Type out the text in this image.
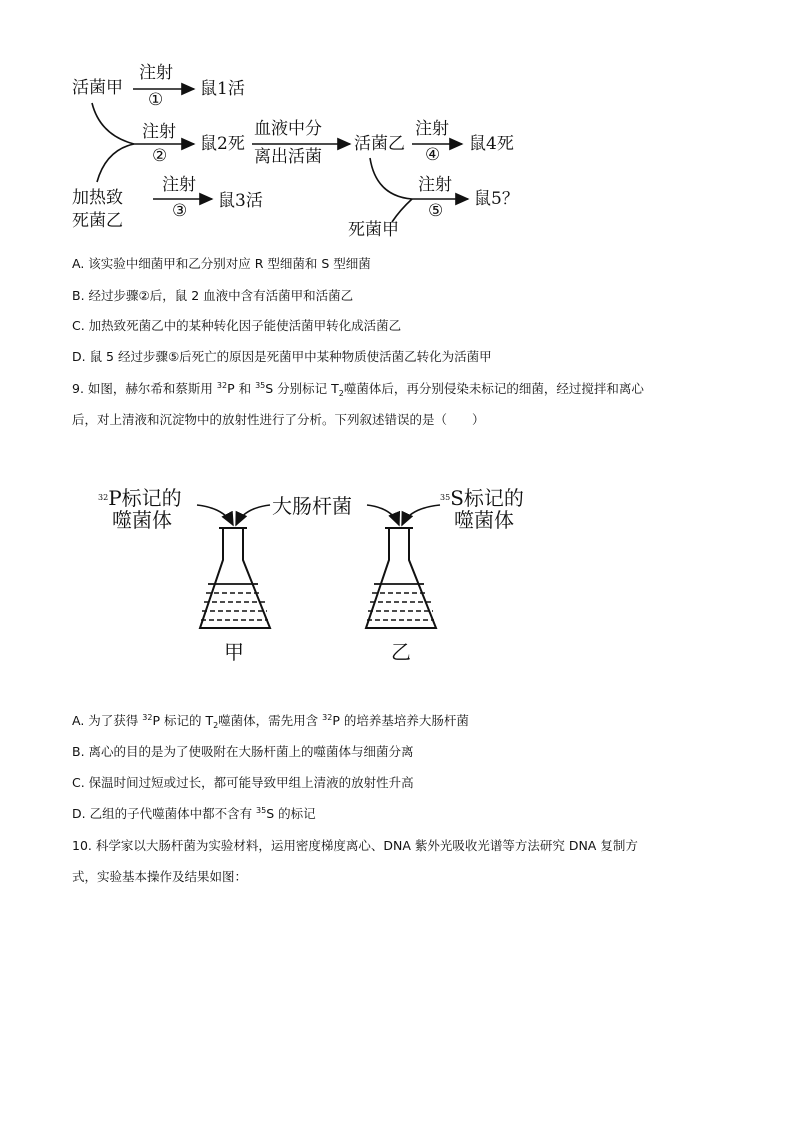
活菌甲
注射
①
鼠1活
注射
②
鼠2死
血液中分
离出活菌
活菌乙
注射
④
鼠4死
加热致
死菌乙
注射
③ 鼠3活
注射
⑤
鼠5？
死菌甲
A. 该实验中细菌甲和乙分别对应 R 型细菌和 S 型细菌
B. 经过步骤②后，鼠 2 血液中含有活菌甲和活菌乙
C. 加热致死菌乙中的某种转化因子能使活菌甲转化成活菌乙
D. 鼠 5 经过步骤⑤后死亡的原因是死菌甲中某种物质使活菌乙转化为活菌甲
9. 如图，赫尔希和蔡斯用 $^{32}$P 和 $^{35}$S 分别标记 $T_2$噬菌体后，再分别侵染未标记的细菌，经过搅拌和离心
后，对上清液和沉淀物中的放射性进行了分析。下列叙述错误的是（　　）
$^{32}$P标记的
噬菌体
大肠杆菌	$^{35}$S标记的
噬菌体
甲	乙
A. 为了获得 $^{32}$P 标记的 $T_2$噬菌体，需先用含 $^{32}$P 的培养基培养大肠杆菌
B. 离心的目的是为了使吸附在大肠杆菌上的噬菌体与细菌分离
C. 保温时间过短或过长，都可能导致甲组上清液的放射性升高
D. 乙组的子代噬菌体中都不含有 $^{35}$S 的标记
10. 科学家以大肠杆菌为实验材料，运用密度梯度离心、DNA 紫外光吸收光谱等方法研究 DNA 复制方
式，实验基本操作及结果如图：
